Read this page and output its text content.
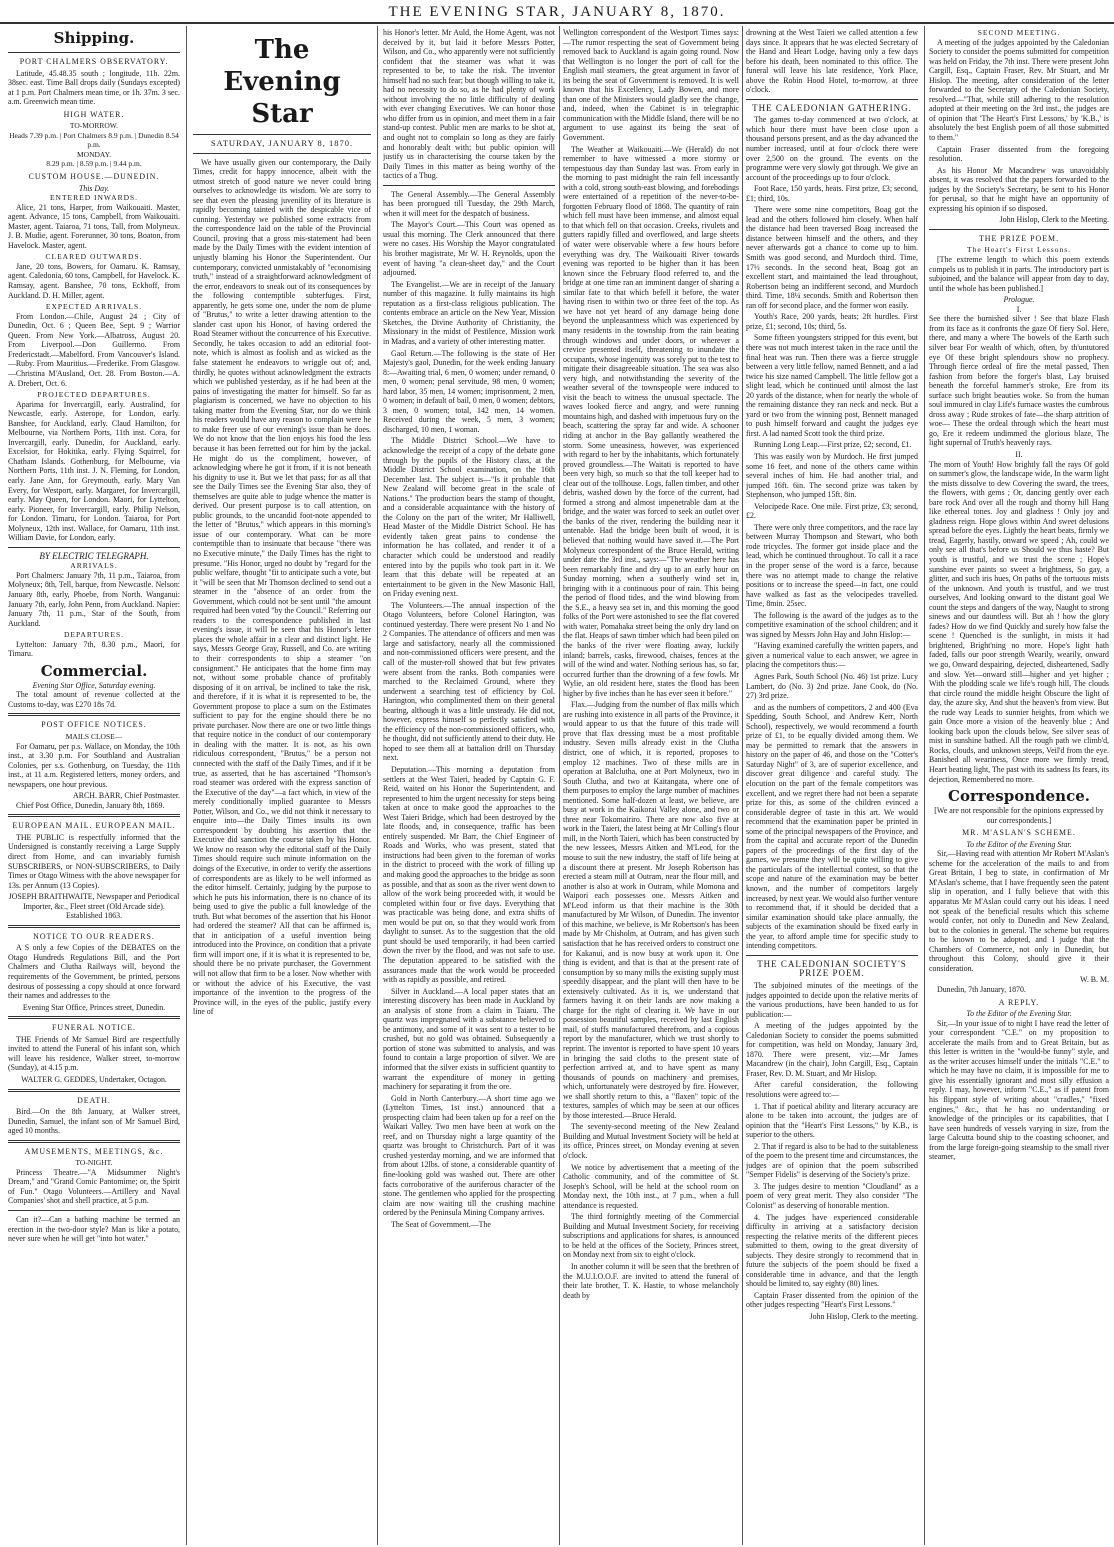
THE EVENING STAR, JANUARY 8, 1870.
Shipping.
PORT CHALMERS OBSERVATORY.

Latitude, 45.48.35 south ; longitude, 11h. 22m. 38sec. east. Time Ball drops daily (Sundays excepted) at 1 p.m. Port Chalmers mean time, or 1h. 37m. 3 sec. a.m. Greenwich mean time.

HIGH WATER.
TO-MORROW.
Heads 7.39 p.m. | Port Chalmers 8.9 p.m. | Dunedin 8.54 p.m.
MONDAY.
8.29 p.m. | 8.59 p.m. | 9.44 p.m.
CUSTOM HOUSE.—DUNEDIN.
This Day.
ENTERED INWARDS.

Alice, 21 tons, Harper, from Waikouaiti. Master, agent. Advance, 15 tons, Campbell, from Waikouaiti. Master, agent. Taiaroa, 71 tons, Tall, from Molyneux. J. B. Mudie, agent. Forerunner, 30 tons, Boaton, from Havelock. Master, agent.

CLEARED OUTWARDS.

Jane, 20 tons, Bowers, for Oamaru. K. Ramsay, agent. Caledonia, 60 tons, Campbell, for Havelock. K. Ramsay, agent. Banshee, 70 tons, Eckhoff, from Auckland. D. H. Miller, agent.

EXPECTED ARRIVALS.

From London.—Chile, August 24 ; City of Dunedin, Oct. 6 ; Queen Bee, Sept. 9 ; Warrior Queen. From New York.—Albatross, August 20. From Liverpool.—Don Guillermo. From Fredericstadt.—Mabelford. From Vancouver's Island.—Ruby. From Mauritius.—Frederike. From Glasgow.—Christina M'Ausland, Oct. 28. From Boston.—A. A. Drebert, Oct. 6.

PROJECTED DEPARTURES.

Aparima for Invercargill, early. Australind, for Newcastle, early. Asterope, for London, early. Banshee, for Auckland, early. Claud Hamilton, for Melbourne, via Northern Ports, 11th inst. Cora, for Invercargill, early. Dunedin, for Auckland, early. Excelsior, for Hokitika, early. Flying Squirrel, for Chatham Islands. Gothenburg, for Melbourne, via Northern Ports, 11th inst. J. N. Fleming, for London, early. Jane Ann, for Greymouth, early. Mary Van Every, for Westport, early. Margaret, for Invercargill, early. May Queen, for London. Maori, for Lyttelton, early. Pioneer, for Invercargill, early. Philip Nelson, for London. Timaru, for London. Taiaroa, for Port Molyneux, 12th inst. Wallace, for Oamaru, 11th inst. William Davie, for London, early.

BY ELECTRIC TELEGRAPH.
ARRIVALS.

Port Chalmers: January 7th, 11 p.m., Taiaroa, from Molyneux; 8th, Tell, barque, from Newcastle. Nelson: January 8th, early, Phoebe, from North. Wanganui: January 7th, early, John Penn, from Auckland. Napier: January 7th, 11 p.m., Star of the South, from Auckland.

DEPARTURES.

Lyttelton: January 7th, 8.30 p.m., Maori, for Timaru.

Commercial.
Evening Star Office, Saturday evening.

The total amount of revenue collected at the Customs to-day, was £270 18s 7d.

POST OFFICE NOTICES.
MAILS CLOSE—

For Oamaru, per p.s. Wallace, on Monday, the 10th inst., at 3.30 p.m. For Southland and Australian Colonies, per s.s. Gothenburg, on Tuesday, the 11th inst., at 11 a.m. Registered letters, money orders, and newspapers, one hour previous.

ARCH. BARR, Chief Postmaster.

Chief Post Office, Dunedin, January 8th, 1869.

EUROPEAN MAIL. EUROPEAN MAIL.

THE PUBLIC is respectfully informed that the Undersigned is constantly receiving a Large Supply direct from Home, and can invariably furnish SUBSCRIBERS, or NON-SUBSCRIBERS, to Daily Times or Otago Witness with the above newspaper for 13s. per Annum (13 Copies).

JOSEPH BRAITHWAITE, Newspaper and Periodical Importer, &c., Fleet street (Old Arcade side). Established 1863.
NOTICE TO OUR READERS.

A S only a few Copies of the DEBATES on the Otago Hundreds Regulations Bill, and the Port Chalmers and Clutha Railways will, beyond the requirements of the Government, be printed, persons desirous of possessing a copy should at once forward their names and addresses to the

Evening Star Office, Princes street, Dunedin.
FUNERAL NOTICE.

THE Friends of Mr Samuel Bird are respectfully invited to attend the Funeral of his infant son, which will leave his residence, Walker street, to-morrow (Sunday), at 4.15 p.m.

WALTER G. GEDDES, Undertaker, Octagon.
DEATH.

Bird.—On the 8th January, at Walker street, Dunedin, Samuel, the infant son of Mr Samuel Bird, aged 10 months.

AMUSEMENTS, MEETINGS, &c.
TO-NIGHT.

Princess Theatre.—"A Midsummer Night's Dream," and "Grand Comic Pantomime; or, the Spirit of Fun." Otago Volunteers.—Artillery and Naval Companies' shot and shell practice, at 5 p.m.

Can it?—Can a bathing machine be termed an erection in the two-door style? Man is like a potato, never sure when he will get "into hot water."

The Evening Star
SATURDAY, JANUARY 8, 1870.

We have usually given our contemporary, the Daily Times, credit for happy innocence, albeit with the utmost stretch of good nature we never could bring ourselves to acknowledge its wisdom. We are sorry to see that even the pleasing juvenility of its literature is rapidly becoming tainted with the despicable vice of cunning. Yesterday we published some extracts from the correspondence laid on the table of the Provincial Council, proving that a gross mis-statement had been made by the Daily Times with the evident intention of unjustly blaming his Honor the Superintendent. Our contemporary, convicted unmistakably of "economising truth," instead of a straightforward acknowledgment of the error, endeavors to sneak out of its consequences by the following contemptible subterfuges. First, apparently, he gets some one, under the nom de plume of "Brutus," to write a letter drawing attention to the slander cast upon his Honor, of having ordered the Road Steamer without the concurrence of his Executive. Secondly, he takes occasion to add an editorial foot-note, which is almost as foolish and as wicked as the false statement he endeavors to wriggle out of; and, thirdly, he quotes without acknowledgment the extracts which we published yesterday, as if he had been at the pains of investigating the matter for himself. So far as plagiarism is concerned, we have no objection to his taking matter from the Evening Star, nor do we think his readers would have any reason to complain were he to make freer use of our evening's issue than he does. We do not know that the lion enjoys his food the less because it has been ferretted out for him by the jackal. He might do us the compliment, however, of acknowledging where he got it from, if it is not beneath his dignity to use it. But we let that pass; for as all that see the Daily Times see the Evening Star also, they of themselves are quite able to judge whence the matter is derived. Our present purpose is to call attention, on public grounds, to the uncandid foot-note appended to the letter of "Brutus," which appears in this morning's issue of our contemporary. What can be more contemptible than to insinuate that because "there was no Executive minute," the Daily Times has the right to presume. "His Honor, urged no doubt by "regard for the public welfare, thought "fit to anticipate such a vote, but it "will be seen that Mr Thomson declined to send out a steamer in the "absence of an order from the Government, which could not be sent until "the amount required had been voted "by the Council." Referring our readers to the correspondence published in last evening's issue, it will be seen that his Honor's letter places the whole affair in a clear and distinct light. He says, Messrs George Gray, Russell, and Co. are writing to their correspondents to ship a steamer "on consignment." He anticipates that the home firm may not, without some probable chance of profitably disposing of it on arrival, be inclined to take the risk, and therefore, if it is what it is represented to be, the Government propose to place a sum on the Estimates sufficient to pay for the engine should there be no private purchaser. Now there are one or two little things that require notice in the conduct of our contemporary in dealing with the matter. It is not, as his own ridiculous correspondent, "Brutus," be a person not connected with the staff of the Daily Times, and if it be true, as asserted, that he has ascertained "Thomson's road steamer was ordered with the express sanction of the Executive of the day"—a fact which, in view of the merely conditionally implied guarantee to Messrs Potter, Wilson, and Co., we did not think it necessary to enquire into—the Daily Times insults its own correspondent by doubting his assertion that the Executive did sanction the course taken by his Honor. We know no reason why the editorial staff of the Daily Times should require such minute information on the doings of the Executive, in order to verify the assertions of correspondents are as likely to be well informed as the editor himself. Certainly, judging by the purpose to which he puts his information, there is no chance of its being used to give the public a full knowledge of the truth. But what becomes of the assertion that his Honor had ordered the steamer? All that can be affirmed is, that in anticipation of a useful invention being introduced into the Province, on condition that a private firm will import one, if it is what it is represented to be, should there be no private purchaser, the Government will not allow that firm to be a loser. Now whether with or without the advice of his Executive, the vast importance of the invention to the progress of the Province will, in the eyes of the public, justify every line of

his Honor's letter. Mr Auld, the Home Agent, was not deceived by it, but laid it before Messrs Potter, Wilson, and Co., who apparently were not sufficiently confident that the steamer was what it was represented to be, to take the risk. The inventor himself had no such fear; but though willing to take it, had no necessity to do so, as he had plenty of work without involving the no little difficulty of dealing with ever changing Executives. We can honor those who differ from us in opinion, and meet them in a fair stand-up contest. Public men are marks to be shot at, and ought not to complain so long as they are fairly and honorably dealt with; but public opinion will justify us in characterising the course taken by the Daily Times in this matter as being worthy of the tactics of a Thug.

The General Assembly.—The General Assembly has been prorogued till Tuesday, the 29th March, when it will meet for the despatch of business.

The Mayor's Court.—This Court was opened as usual this morning. The Clerk announced that there were no cases. His Worship the Mayor congratulated his brother magistrate, Mr W. H. Reynolds, upon the event of having "a clean-sheet day," and the Court adjourned.

The Evangelist.—We are in receipt of the January number of this magazine. It fully maintains its high reputation as a first-class religious publication. The contents embrace an article on the New Year, Mission Sketches, the Divine Authority of Christianity, the Missionary in the midst of Pestilence, Mission work in Madras, and a variety of other interesting matter.

Gaol Return.—The following is the state of Her Majesty's gaol, Dunedin, for the week ending January 8:—Awaiting trial, 6 men, 0 women; under remand, 0 men, 0 women; penal servitude, 98 men, 0 women; hard labor, 35 men, 14 women; imprisonment, 2 men, 0 women; in default of bail, 0 men, 0 women; debtors, 3 men, 0 women; total, 142 men, 14 women. Received during the week, 5 men, 3 women; discharged, 10 men, 1 woman.

The Middle District School.—We have to acknowledge the receipt of a copy of the debate gone through by the pupils of the History class, at the Middle District School examination, on the 16th December last. The subject is—"Is it probable that New Zealand will become great in the scale of Nations." The production bears the stamp of thought, and a considerable acquaintance with the history of the Colony on the part of the writer, Mr Halliwell, Head Master of the Middle District School. He has evidently taken great pains to condense the information he has collated, and render it of a character which could be understood and readily entered into by the pupils who took part in it. We learn that this debate will be repeated at an entertainment to be given in the New Masonic Hall, on Friday evening next.

The Volunteers.—The annual inspection of the Otago Volunteers, before Colonel Harington, was continued yesterday. There were present No 1 and No 2 Companies. The attendance of officers and men was large and satisfactory, nearly all the commissioned and non-commissioned officers were present, and the call of the muster-roll showed that but few privates were absent from the ranks. Both companies were marched to the Reclaimed Ground, where they underwent a searching test of efficiency by Col. Harington, who complimented them on their general bearing, although it was a little unsteady. He did not, however, express himself so perfectly satisfied with the efficiency of the non-commissioned officers, who, he thought, did not sufficiently attend to their duty. He hoped to see them all at battalion drill on Thursday next.

Deputation.—This morning a deputation from settlers at the West Taieri, headed by Captain G. F. Reid, waited on his Honor the Superintendent, and represented to him the urgent necessity for steps being taken at once to make good the approaches to the West Taieri Bridge, which had been destroyed by the late floods, and, in consequence, traffic has been entirely suspended. Mr Barr, the Chief Engineer of Roads and Works, who was present, stated that instructions had been given to the foreman of works in the district to proceed with the work of filling up and making good the approaches to the bridge as soon as possible, and that as soon as the river went down to allow of the work being proceeded with, it would be completed within four or five days. Everything that was practicable was being done, and extra shifts of men would be put on, so that they would work from daylight to sunset. As to the suggestion that the old punt should be used temporarily, it had been carried down the river by the flood, and was not safe to use. The deputation appeared to be satisfied with the assurances made that the work would be proceeded with as rapidly as possible, and retired.

Silver in Auckland.—A local paper states that an interesting discovery has been made in Auckland by an analysis of stone from a claim in Taiaru. The quartz was impregnated with a substance believed to be antimony, and some of it was sent to a tester to be crushed, but no gold was obtained. Subsequently a portion of stone was submitted to analysis, and was found to contain a large proportion of silver. We are informed that the silver exists in sufficient quantity to warrant the expenditure of money in getting machinery for separating it from the ore.

Gold in North Canterbury.—A short time ago we (Lyttelton Times, 1st inst.) announced that a prospecting claim had been taken up for a reef on the Waikari Valley. Two men have been at work on the reef, and on Thursday night a large quantity of the quartz was brought to Christchurch. Part of it was crushed yesterday morning, and we are informed that from about 12lbs. of stone, a considerable quantity of fine-looking gold was washed out. There are other facts corroborative of the auriferous character of the stone. The gentlemen who applied for the prospecting claim are now waiting till the crushing machine ordered by the Peninsula Mining Company arrives.

The Seat of Government.—The

Wellington correspondent of the Westport Times says:—The rumor respecting the seat of Government being removed back to Auckland is again going round. Now that Wellington is no longer the port of call for the English mail steamers, the great argument in favor of its being the seat of Government is removed. It is well known that his Excellency, Lady Bowen, and more than one of the Ministers would gladly see the change, and, indeed, when the Cabinet is in telegraphic communication with the Middle Island, there will be no argument to use against its being the seat of Government.

The Weather at Waikouaiti.—We (Herald) do not remember to have witnessed a more stormy or tempestuous day than Sunday last was. From early in the morning to past midnight the rain fell incessantly with a cold, strong south-east blowing, and forebodings were entertained of a repetition of the never-to-be-forgotten February flood of 1868. The quantity of rain which fell must have been immense, and almost equal to that which fell on that occasion. Creeks, rivulets and gutters rapidly filled and overflowed, and large sheets of water were observable where a few hours before everything was dry. The Waikouaiti River towards evening was reported to be higher than it has been known since the February flood referred to, and the bridge at one time ran an imminent danger of sharing a similar fate to that which befell it before, the water having risen to within two or three feet of the top. As we have not yet heard of any damage being done beyond the unpleasantness which was experienced by many residents in the township from the rain beating through windows and under doors, or wherever a crevice presented itself, threatening to inundate the occupants, whose ingenuity was sorely put to the test to mitigate their disagreeable situation. The sea was also very high, and notwithstanding the severity of the weather several of the townspeople were induced to visit the beach to witness the unusual spectacle. The waves looked fierce and angry, and were running mountains high, and dashed with impetuous fury on the beach, scattering the spray far and wide. A schooner riding at anchor in the Bay gallantly weathered the storm. Some uneasiness, however, was experienced with regard to her by the inhabitants, which fortunately proved groundless.—The Waitati is reported to have been very high, so much so that the toll keeper had to clear out of the tollhouse. Logs, fallen timber, and other debris, washed down by the force of the current, had formed a strong and almost impenetrable dam at the bridge, and the water was forced to seek an outlet over the banks of the river, rendering the building near it untenable. Had the bridge been built of wood, it is believed that nothing would have saved it.—The Port Molyneux correspondent of the Bruce Herald, writing under date the 3rd inst., says:—"The weather here has been remarkably fine and dry up to an early hour on Sunday morning, when a southerly wind set in, bringing with it a continuous pour of rain. This being the period of flood tides, and the wind blowing from the S.E., a heavy sea set in, and this morning the good folks of the Port were astonished to see the flat covered with water, Pomahaka street being the only dry land on the flat. Heaps of sawn timber which had been piled on the banks of the river were floating away, luckily inland; barrels, casks, firewood, chaises, fences at the will of the wind and water. Nothing serious has, so far, occurred further than the drowning of a few fowls. Mr Wylie, an old resident here, states the flood has been higher by five inches than he has ever seen it before."

Flax.—Judging from the number of flax mills which are rushing into existence in all parts of the Province, it would appear to us that the future of this trade will prove that flax dressing must be a most profitable industry. Seven mills already exist in the Clutha district, one of which, it is reported, proposes to employ 12 machines. Two of these mills are in operation at Balclutha, one at Port Molyneux, two in South Clutha, and two at Kaitangata, where one of them purposes to employ the large number of machines mentioned. Some half-dozen at least, we believe, are busy at work in the Kaikorai Valley alone, and two or three near Tokomairiro. There are now also five at work in the Taieri, the latest being at Mr Colling's flour mill, in the North Taieri, which has been constructed by the new lessees, Messrs Aitken and M'Leod, for the mouse to suit the new industry, the staff of life being at a discount there at present. Mr Joseph Robertson has erected a steam mill at Outram, near the flour mill, and another is also at work in Outram, while Momona and Waipori each possesses one. Messrs Aitken and M'Leod inform us that their machine is the 30th manufactured by Mr Wilson, of Dunedin. The inventor of this machine, we believe, is Mr Robertson's has been made by Mr Chisholm, at Outram, and has given such satisfaction that he has received orders to construct one for Kakanui, and is now busy at work upon it. One thing is evident, and that is that at the present rate of consumption by so many mills the existing supply must speedily disappear, and the plant will then have to be extensively cultivated. As it is, we understand that farmers having it on their lands are now making a charge for the right of clearing it. We have in our possession beautiful samples, received by last English mail, of stuffs manufactured therefrom, and a copious report by the manufacturer, which we trust shortly to reprint. The inventor is reported to have spent 10 years in bringing the said cloths to the present state of perfection arrived at, and to have spent as many thousands of pounds on machinery and premises, which, unfortunately were destroyed by fire. However, we shall shortly return to this, a "flaxen" topic of the textures, samples of which may be seen at our offices by those interested.—Bruce Herald.

The seventy-second meeting of the New Zealand Building and Mutual Investment Society will be held at its office, Princes street, on Monday evening at seven o'clock.

We notice by advertisement that a meeting of the Catholic community, and of the committee of St. Joseph's School, will be held at the school room on Monday next, the 10th inst., at 7 p.m., when a full attendance is requested.

The third fortnightly meeting of the Commercial Building and Mutual Investment Society, for receiving subscriptions and applications for shares, is announced to be held at the offices of the Society, Princes street, on Monday next from six to eight o'clock.

In another column it will be seen that the brethren of the M.U.I.O.O.F. are invited to attend the funeral of their late brother, T. K. Hastie, to whose melancholy death by

drowning at the West Taieri we called attention a few days since. It appears that he was elected Secretary of the Hand and Heart Lodge, having only a few days before his death, been nominated to this office. The funeral will leave his late residence, York Place, above the Robin Hood Hotel, to-morrow, at three o'clock.

THE CALEDONIAN GATHERING.

The games to-day commenced at two o'clock, at which hour there must have been close upon a thousand persons present, and as the day advanced the number increased, until at four o'clock there were over 2,500 on the ground. The events on the programme were very slowly got through. We give an account of the proceedings up to four o'clock.

Foot Race, 150 yards, heats. First prize, £3; second, £1; third, 10s.

There were some nine competitors, Boag got the lead and the others followed him closely. When half the distance had been traversed Boag increased the distance between himself and the others, and they never afterwards got a chance to come up to him. Smith was good second, and Murdoch third. Time, 17½ seconds. In the second heat, Boag got an excellent start, and maintained the lead throughout, Robertson being an indifferent second, and Murdoch third. Time, 18¼ seconds. Smith and Robertson then ran off for second place, and the former won easily.

Youth's Race, 200 yards, heats; 2ft hurdles. First prize, £1; second, 10s; third, 5s.

Some fifteen youngsters stripped for this event, but there was not much interest taken in the race until the final heat was run. Then there was a fierce struggle between a very little fellow, named Bennett, and a lad twice his size named Campbell. The little fellow got a slight lead, which he continued until almost the last 20 yards of the distance, when for nearly the whole of the remaining distance they ran neck and neck. But a yard or two from the winning post, Bennett managed to push himself forward and caught the judges eye first. A lad named Scott took the third prize.

Running Long Leap.—First prize, £2; second, £1.

This was easily won by Murdoch. He first jumped some 16 feet, and none of the others came within several inches of him. He had another trial, and jumped 16ft. 6in. The second prize was taken by Stephenson, who jumped 15ft. 8in.

Velocipede Race. One mile. First prize, £3; second, £2.

There were only three competitors, and the race lay between Murray Thompson and Stewart, who both rode tricycles. The former got inside place and the lead, which he continued throughout. To call it a race in the proper sense of the word is a farce, because there was no attempt made to change the relative positions or to increase the speed—in fact, one could have walked as fast as the velocipedes travelled. Time, 8min. 25sec.

The following is the award of the judges as to the competitive examination of the school children; and it was signed by Messrs John Hay and John Hislop:—

"Having examined carefully the written papers, and given a numerical value to each answer, we agree in placing the competitors thus:—

Agnes Park, South School (No. 46) 1st prize. Lucy Lambert, do (No. 3) 2nd prize. Jane Cook, do (No. 27) 3rd prize.

and as the numbers of competitors, 2 and 400 (Eva Spedding, South School, and Andrew Kerr, North School), respectively, we would recommend a fourth prize of £1, to be equally divided among them. We may be permitted to remark that the answers in history on the paper of 46, and those on the "Cotter's Saturday Night" of 3, are of superior excellence, and discover great diligence and careful study. The elocution on the part of the female competitors was excellent, and we regret there had not been a separate prize for this, as some of the children evinced a considerable degree of taste in this art. We would recommend that the examination paper be printed in some of the principal newspapers of the Province, and from the capital and accurate report of the Dunedin papers of the proceedings of the first day of the games, we presume they will be quite willing to give the particulars of the intellectual contest, so that the scope and nature of the examination may be better known, and the number of competitors largely increased, by next year. We would also further venture to recommend that, if it should be decided that a similar examination should take place annually, the subjects of the examination should be fixed early in the year, to afford ample time for specific study to intending competitors.

THE CALEDONIAN SOCIETY'S PRIZE POEM.

The subjoined minutes of the meetings of the judges appointed to decide upon the relative merits of the various productions, have been handed to us for publication:—

A meeting of the judges appointed by the Caledonian Society to consider the poems submitted for competition, was held on Monday, January 3rd, 1870. There were present, viz:—Mr James Macandrew (in the chair), John Cargill, Esq., Captain Fraser, Rev. D. M. Stuart, and Mr Hislop.

After careful consideration, the following resolutions were agreed to:—

1. That if poetical ability and literary accuracy are alone to be taken into account, the judges are of opinion that the "Heart's First Lessons," by K.B., is superior to the others.

2. That if regard is also to be had to the suitableness of the poem to the present time and circumstances, the judges are of opinion that the poem subscribed "Semper Fidelis" is deserving of the Society's prize.

3. The judges desire to mention "Cloudland" as a poem of very great merit. They also consider "The Colonist" as deserving of honorable mention.

4. The judges have experienced considerable difficulty in arriving at a satisfactory decision respecting the relative merits of the different pieces submitted to them, owing to the great diversity of subjects. They desire strongly to recommend that in future the subjects of the poem should be fixed a considerable time in advance, and that the length should be limited to, say eighty (80) lines.

Captain Fraser dissented from the opinion of the other judges respecting "Heart's First Lessons."

John Hislop, Clerk to the meeting.
SECOND MEETING.

A meeting of the judges appointed by the Caledonian Society to consider the poems submitted for competition was held on Friday, the 7th inst. There were present John Cargill, Esq., Captain Fraser, Rev. Mr Stuart, and Mr Hislop. The meeting, after consideration of the letter forwarded to the Secretary of the Caledonian Society, resolved—"That, while still adhering to the resolution adopted at their meeting on the 3rd inst., the judges are of opinion that 'The Heart's First Lessons,' by 'K.B.,' is absolutely the best English poem of all those submitted to them."

Captain Fraser dissented from the foregoing resolution.

As his Honor Mr Macandrew was unavoidably absent, it was resolved that the papers forwarded to the judges by the Society's Secretary, be sent to his Honor for perusal, so that he might have an opportunity of expressing his opinion if so disposed.

John Hislop, Clerk to the Meeting.
THE PRIZE POEM.
The Heart's First Lessons.

[The extreme length to which this poem extends compels us to publish it in parts. The introductory part is subjoined, and the balance will appear from day to day, until the whole has been published.]

Prologue.
I.

See there the burnished silver ! See that blaze Flash from its face as it confronts the gaze Of fiery Sol. Here, there, and many a where The bowels of the Earth such silver bear For wealth of which, often, by th'untutored eye Of these bright splendours show no prophecy. Through fierce ordeal of fire the metal passed, Then fashion from before the forger's blast, Lay bruised beneath the forceful hammer's stroke, Ere from its surface such bright beauties woke. So from the human soul immured in clay Life's furnace wastes the cumbrous dross away ; Rude strokes of fate—the sharp attrition of woe— These the ordeal through which the heart must go, Ere it redeem undimmed the glorious blaze, The light supernal of Truth's heavenly rays.

II.

The morn of Youth! How brightly fall the rays Of gold on summer's glow, the landscape wide, In the warm light the mists dissolve to dew Covering the sward, the trees, the flowers, with gems ; Or, dancing gently over each bare rock And over all the rough and thorny hill Hang like ethereal tones. Joy and gladness ! Only joy and gladness reign. Hope glows within And sweet delusions spread before the eyes. Lightly the heart beats, firmly we tread, Eagerly, hastily, onward we speed ; Ah, could we only see all that's before us Should we thus haste? But youth is trustful, and we trust the scene ; Hope's sunshine ever paints so sweet a brightness, So gay, a glitter, and such iris hues, On paths of the tortuous mists of the unknown. And youth is trustful, and we trust ourselves, And looking onward to the distant goal We count the steps and dangers of the way, Naught to strong sinews and our dauntless will. But ah ! how the glory fades? How do we find Quickly and surely how false the scene ! Quenched is the sunlight, in mists it had brightened, Bright'ning no more. Hope's light hath faded, falls our poor strength Wearily, wearily, onward we go, Onward despairing, dejected, disheartened, Sadly and slow. Yet—onward still—higher and yet higher ; With the plodding scale we life's rough hill, The clouds that circle round the middle height Obscure the light of day, the azure sky, And shut the heaven's from view. But the rude way Leads to sunnier heights, from which we gain Once more a vision of the heavenly blue ; And looking back upon the clouds below, See silver seas of mist in sunshine bathed. All the rough path we climb'd, Rocks, clouds, and unknown steeps, Veil'd from the eye. Banished all weariness, Once more we firmly tread, Heart beating light, The past with its sadness Its fears, its dejection, Remembered no more.

Correspondence.

[We are not responsible for the opinions expressed by our correspondents.]

MR. M'ASLAN'S SCHEME.
To the Editor of the Evening Star.

Sir,—Having read with attention Mr Robert M'Aslan's scheme for the acceleration of the mails to and from Great Britain, I beg to state, in confirmation of Mr M'Aslan's scheme, that I have frequently seen the patent slip in operation, and I fully believe that with this apparatus Mr M'Aslan could carry out his ideas. I need not speak of the beneficial results which this scheme would confer, not only to Dunedin and New Zealand, but to the colonies in general. The scheme but requires to be known to be adopted, and I judge that the Chambers of Commerce, not only in Dunedin, but throughout this Colony, should give it their consideration.

W. B. M.

Dunedin, 7th January, 1870.

A REPLY.
To the Editor of the Evening Star.

Sir,—In your issue of to night I have read the letter of your correspondent "C.E." on my proposition to accelerate the mails from and to Great Britain, but as this letter is written in the "would-be funny" style, and as the writer accuses himself under the initials "C.E." to which he may have no claim, it is impossible for me to give his essentially ignorant and most silly effusion a reply. I may, however, inform "C.E.," as if patent from his flippant style of writing about "cradles," "fixed engines," &c., that he has no understanding or knowledge of the principles or its capabilities, that I have seen hundreds of vessels varying in size, from the large Calcutta bound ship to the coasting schooner, and from the large foreign-going steamship to the small river steamer,
